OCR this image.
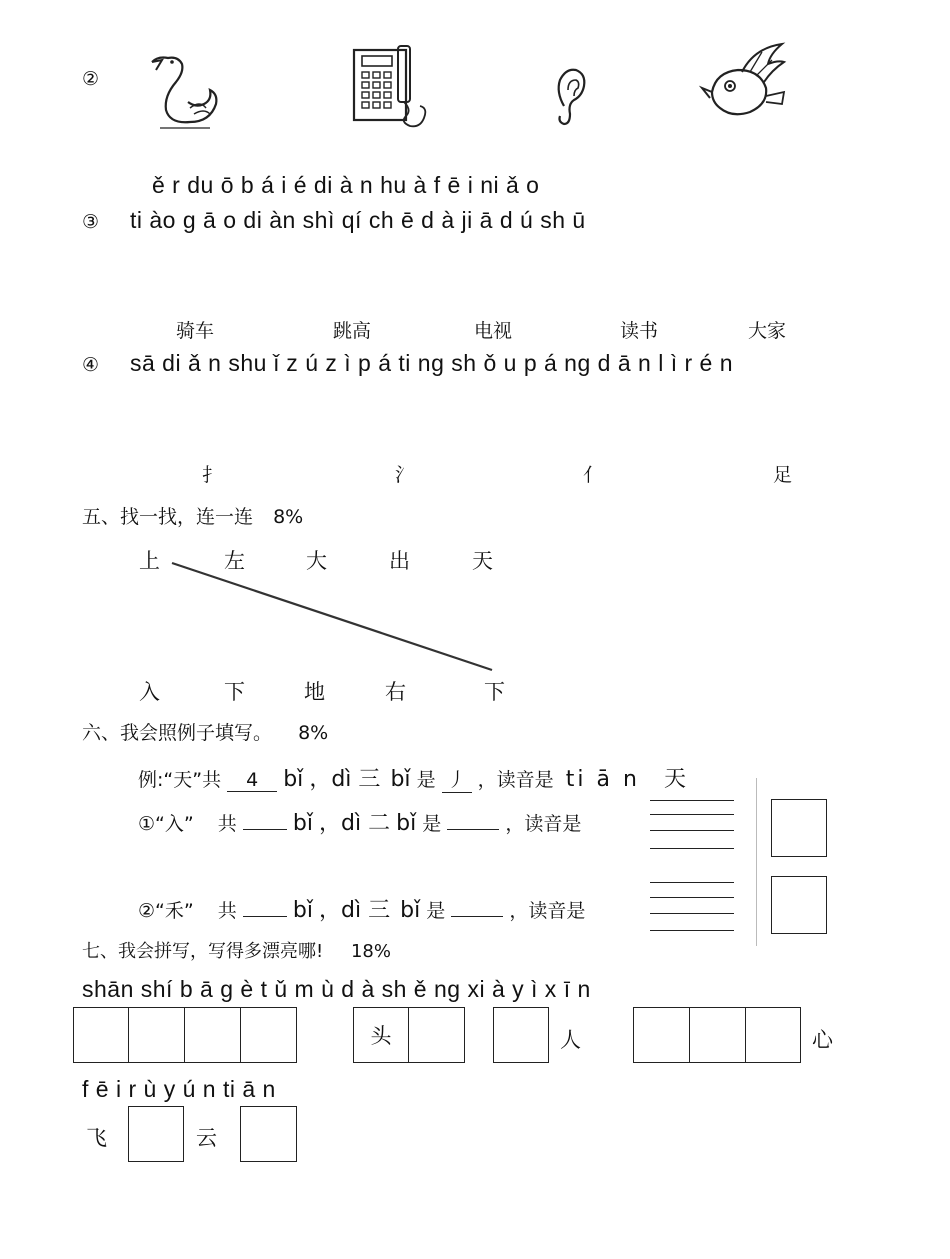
②
ě r du ō b á i é di à n hu à f ē i ni ǎ o
③ ti ào g ā o di àn shì qí ch ē d à ji ā d ú sh ū
骑车	跳高	电视	读书	大家
④ sā di ǎ n shu ǐ z ú z ì p á ti ng sh ǒ u p á ng d ā n l ì r é n
扌	氵	亻	足
五、找一找，连一连 8%
上	左	大	出	天
入	下	地	右	下
六、我会照例子填写。 8%
例:“天”共 4 bǐ ，dì 三 bǐ 是 丿 ，读音是 ti ā n 天
①“入” 共	bǐ ，dì 二 bǐ 是	，读音是
②“禾” 共	bǐ ，dì 三 bǐ 是	，读音是
七、我会拼写，写得多漂亮哪! 18%
shān shí b ā g è t ǔ m ù d à sh ě ng xi à y ì x ī n
头	人	心
f ē i r ù y ú n ti ā n
飞	云
